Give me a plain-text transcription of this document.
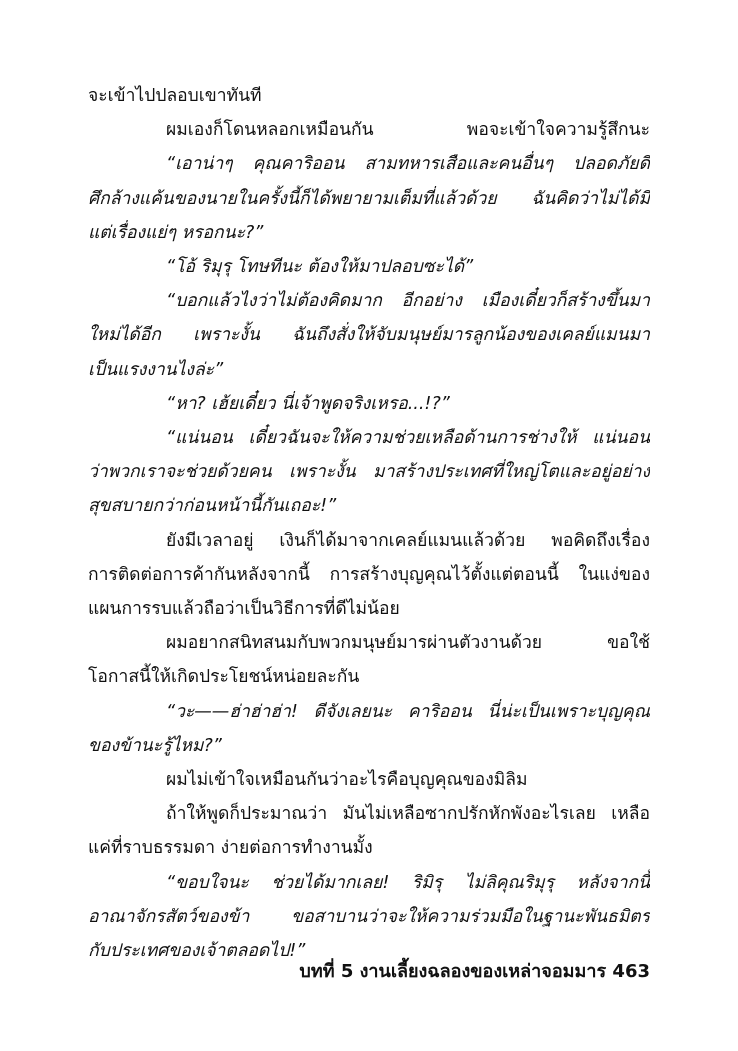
จะเข้าไปปลอบเขาทันที
ผมเองก็โดนหลอกเหมือนกัน พอจะเข้าใจความรู้สึกนะ
“เอาน่าๆ คุณคาริออน สามทหารเสือและคนอื่นๆ ปลอดภัยดี
ศึกล้างแค้นของนายในครั้งนี้ก็ได้พยายามเต็มที่แล้วด้วย ฉันคิดว่าไม่ได้มี
แต่เรื่องแย่ๆ หรอกนะ?”
“โอ้ ริมุรุ โทษทีนะ ต้องให้มาปลอบซะได้”
“บอกแล้วไงว่าไม่ต้องคิดมาก อีกอย่าง เมืองเดี๋ยวก็สร้างขึ้นมา
ใหม่ได้อีก เพราะงั้น ฉันถึงสั่งให้จับมนุษย์มารลูกน้องของเคลย์แมนมา
เป็นแรงงานไงล่ะ”
“หา? เฮ้ยเดี๋ยว นี่เจ้าพูดจริงเหรอ...!?”
“แน่นอน เดี๋ยวฉันจะให้ความช่วยเหลือด้านการช่างให้ แน่นอน
ว่าพวกเราจะช่วยด้วยคน เพราะงั้น มาสร้างประเทศที่ใหญ่โตและอยู่อย่าง
สุขสบายกว่าก่อนหน้านี้กันเถอะ!”
ยังมีเวลาอยู่ เงินก็ได้มาจากเคลย์แมนแล้วด้วย พอคิดถึงเรื่อง
การติดต่อการค้ากันหลังจากนี้ การสร้างบุญคุณไว้ตั้งแต่ตอนนี้ ในแง่ของ
แผนการรบแล้วถือว่าเป็นวิธีการที่ดีไม่น้อย
ผมอยากสนิทสนมกับพวกมนุษย์มารผ่านตัวงานด้วย ขอใช้
โอกาสนี้ให้เกิดประโยชน์หน่อยละกัน
“วะ——ฮ่าฮ่าฮ่า! ดีจังเลยนะ คาริออน นี่น่ะเป็นเพราะบุญคุณ
ของข้านะรู้ไหม?”
ผมไม่เข้าใจเหมือนกันว่าอะไรคือบุญคุณของมิลิม
ถ้าให้พูดก็ประมาณว่า มันไม่เหลือซากปรักหักพังอะไรเลย เหลือ
แค่ที่ราบธรรมดา ง่ายต่อการทำงานมั้ง
“ขอบใจนะ ช่วยได้มากเลย! ริมิรุ ไม่ลิคุณริมุรุ หลังจากนี้
อาณาจักรสัตว์ของข้า ขอสาบานว่าจะให้ความร่วมมือในฐานะพันธมิตร
กับประเทศของเจ้าตลอดไป!”
บทที่ 5 งานเลี้ยงฉลองของเหล่าจอมมาร 463
